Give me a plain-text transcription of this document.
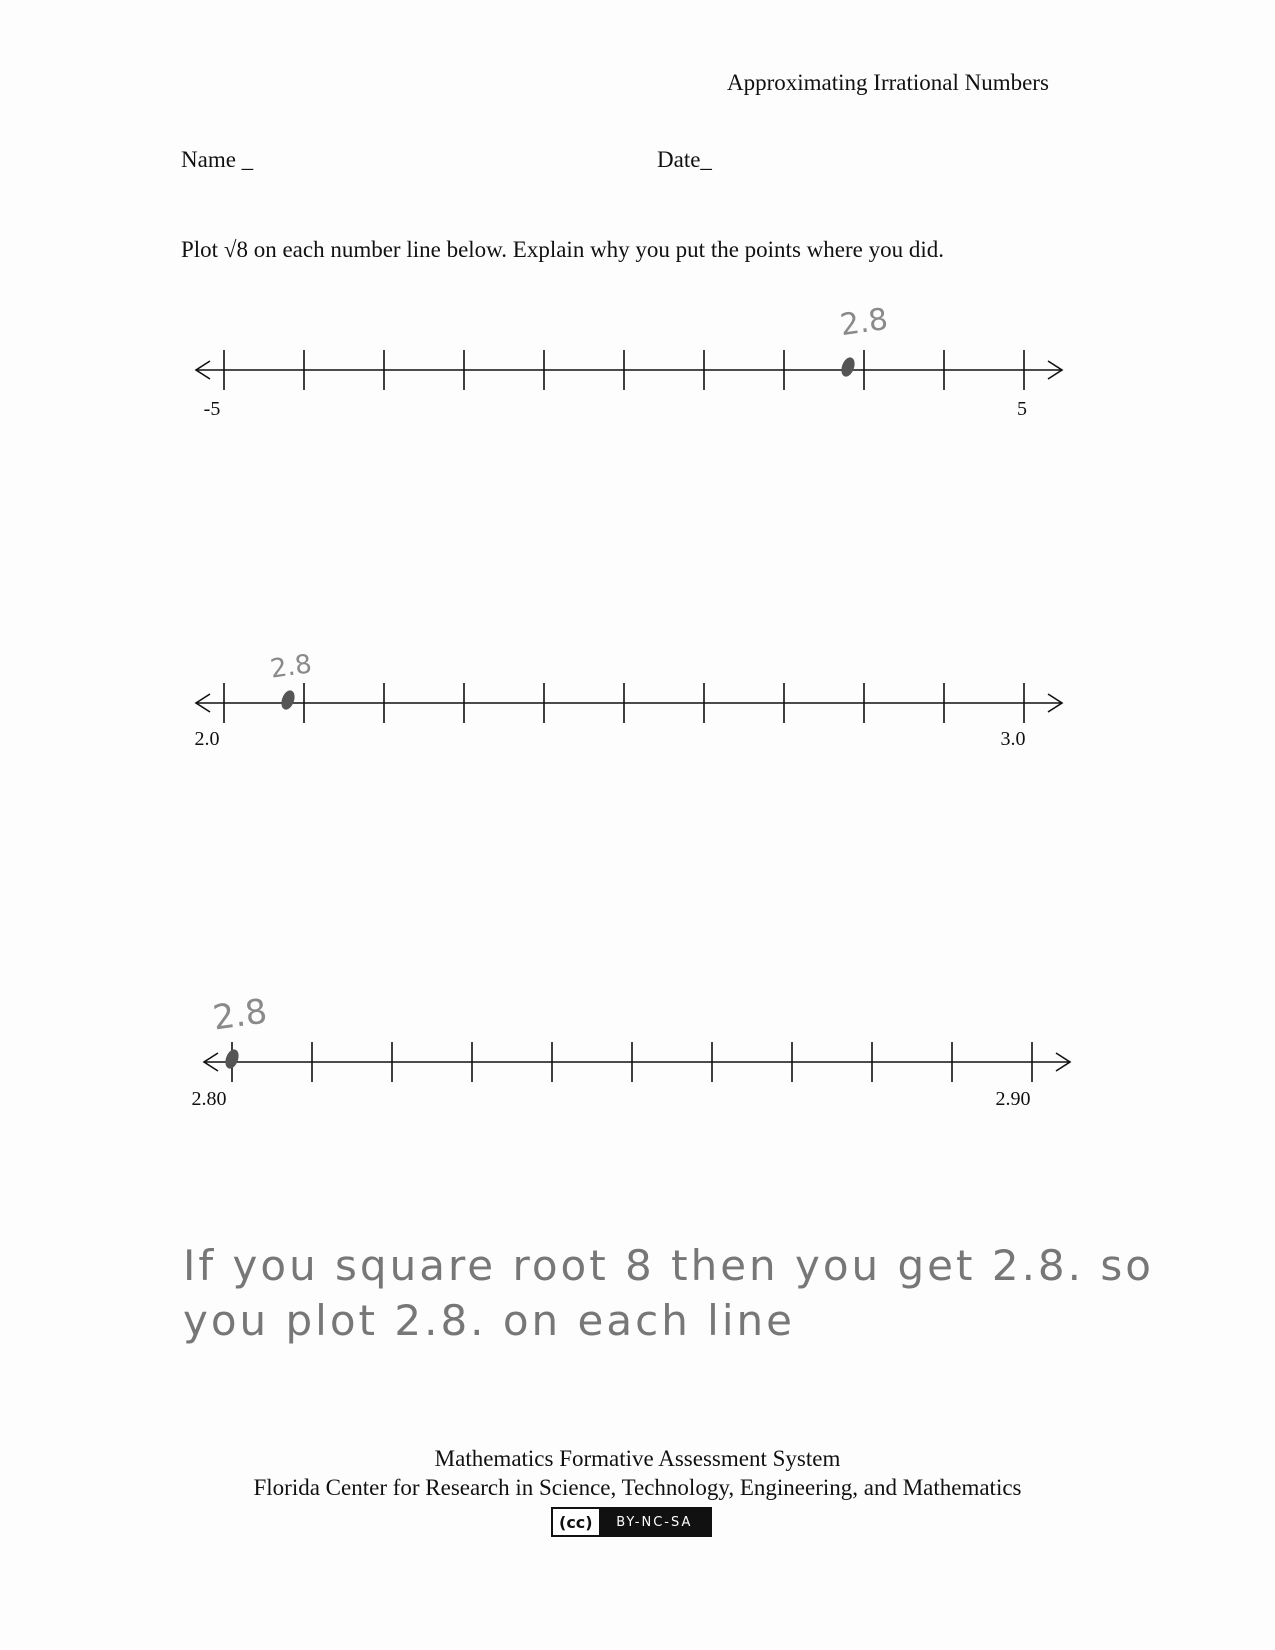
Approximating Irrational Numbers
Name _	Date_
Plot √8 on each number line below. Explain why you put the points where you did.
-5	5
2.8
2.0	3.0
2.8
2.80	2.90
2.8
If you square root 8 then you get 2.8. so you plot 2.8. on each line
Mathematics Formative Assessment System
Florida Center for Research in Science, Technology, Engineering, and Mathematics
(cc)	BY-NC-SA
